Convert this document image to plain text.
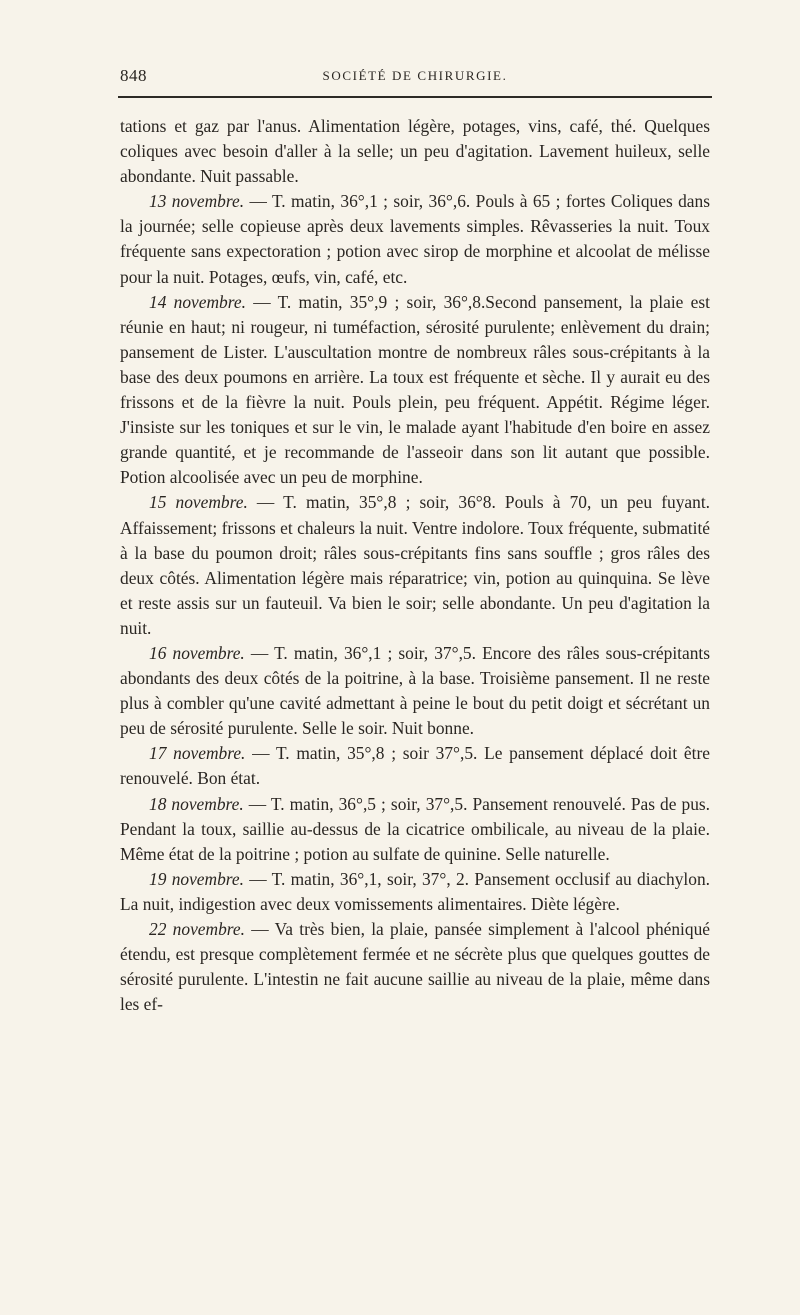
848	SOCIÉTÉ DE CHIRURGIE.

tations et gaz par l'anus. Alimentation légère, potages, vins, café, thé. Quelques coliques avec besoin d'aller à la selle; un peu d'agitation. Lavement huileux, selle abondante. Nuit passable.

13 novembre. — T. matin, 36°,1 ; soir, 36°,6. Pouls à 65 ; fortes Coliques dans la journée; selle copieuse après deux lavements simples. Rêvasseries la nuit. Toux fréquente sans expectoration ; potion avec sirop de morphine et alcoolat de mélisse pour la nuit. Potages, œufs, vin, café, etc.

14 novembre. — T. matin, 35°,9 ; soir, 36°,8.Second pansement, la plaie est réunie en haut; ni rougeur, ni tuméfaction, sérosité purulente; enlèvement du drain; pansement de Lister. L'auscultation montre de nombreux râles sous-crépitants à la base des deux poumons en arrière. La toux est fréquente et sèche. Il y aurait eu des frissons et de la fièvre la nuit. Pouls plein, peu fréquent. Appétit. Régime léger. J'insiste sur les toniques et sur le vin, le malade ayant l'habitude d'en boire en assez grande quantité, et je recommande de l'asseoir dans son lit autant que possible. Potion alcoolisée avec un peu de morphine.

15 novembre. — T. matin, 35°,8 ; soir, 36°8. Pouls à 70, un peu fuyant. Affaissement; frissons et chaleurs la nuit. Ventre indolore. Toux fréquente, submatité à la base du poumon droit; râles sous-crépitants fins sans souffle ; gros râles des deux côtés. Alimentation légère mais réparatrice; vin, potion au quinquina. Se lève et reste assis sur un fauteuil. Va bien le soir; selle abondante. Un peu d'agitation la nuit.

16 novembre. — T. matin, 36°,1 ; soir, 37°,5. Encore des râles sous-crépitants abondants des deux côtés de la poitrine, à la base. Troisième pansement. Il ne reste plus à combler qu'une cavité admettant à peine le bout du petit doigt et sécrétant un peu de sérosité purulente. Selle le soir. Nuit bonne.

17 novembre. — T. matin, 35°,8 ; soir 37°,5. Le pansement déplacé doit être renouvelé. Bon état.

18 novembre. — T. matin, 36°,5 ; soir, 37°,5. Pansement renouvelé. Pas de pus. Pendant la toux, saillie au-dessus de la cicatrice ombilicale, au niveau de la plaie. Même état de la poitrine ; potion au sulfate de quinine. Selle naturelle.

19 novembre. — T. matin, 36°,1, soir, 37°, 2. Pansement occlusif au diachylon. La nuit, indigestion avec deux vomissements alimentaires. Diète légère.

22 novembre. — Va très bien, la plaie, pansée simplement à l'alcool phéniqué étendu, est presque complètement fermée et ne sécrète plus que quelques gouttes de sérosité purulente. L'intestin ne fait aucune saillie au niveau de la plaie, même dans les ef-
